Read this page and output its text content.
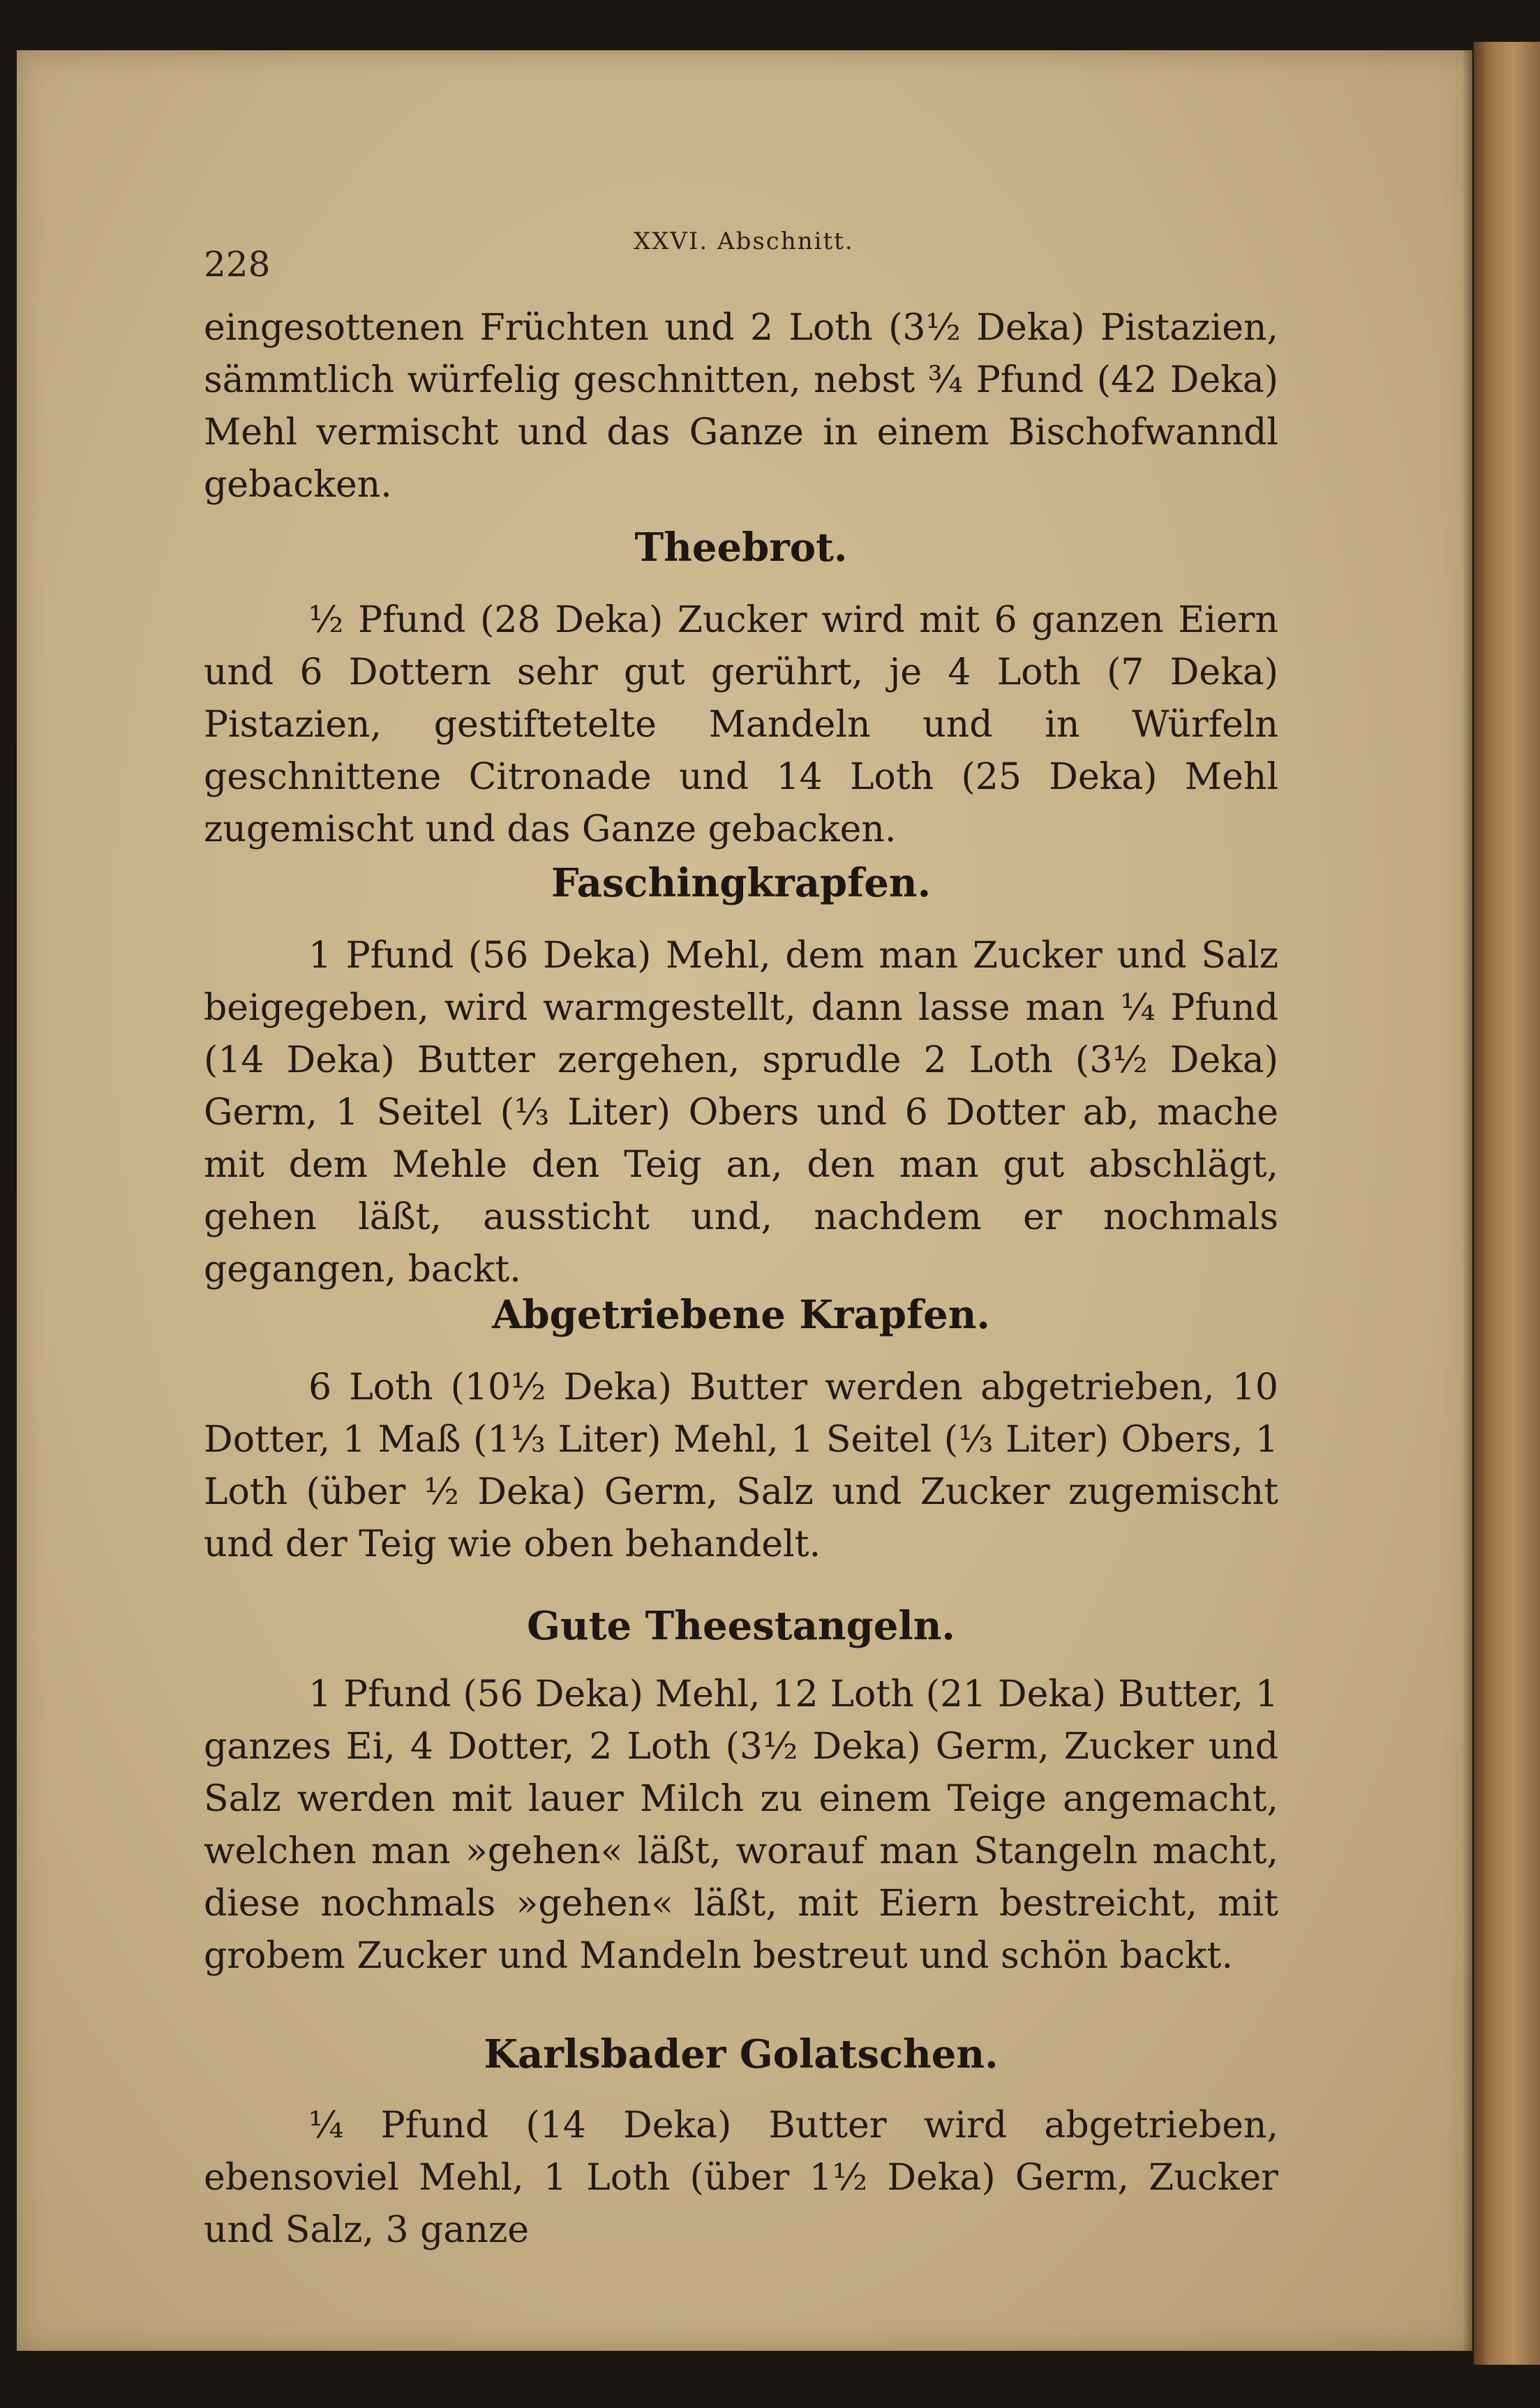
228
XXVI. Abschnitt.

eingesottenen Früchten und 2 Loth (3½ Deka) Pistazien, sämmtlich würfelig geschnitten, nebst ¾ Pfund (42 Deka) Mehl vermischt und das Ganze in einem Bischofwanndl gebacken.

Theebrot.

½ Pfund (28 Deka) Zucker wird mit 6 ganzen Eiern und 6 Dottern sehr gut gerührt, je 4 Loth (7 Deka) Pistazien, gestiftetelte Mandeln und in Würfeln geschnittene Citronade und 14 Loth (25 Deka) Mehl zugemischt und das Ganze gebacken.

Faschingkrapfen.

1 Pfund (56 Deka) Mehl, dem man Zucker und Salz beigegeben, wird warmgestellt, dann lasse man ¼ Pfund (14 Deka) Butter zergehen, sprudle 2 Loth (3½ Deka) Germ, 1 Seitel (⅓ Liter) Obers und 6 Dotter ab, mache mit dem Mehle den Teig an, den man gut abschlägt, gehen läßt, aussticht und, nachdem er nochmals gegangen, backt.

Abgetriebene Krapfen.

6 Loth (10½ Deka) Butter werden abgetrieben, 10 Dotter, 1 Maß (1⅓ Liter) Mehl, 1 Seitel (⅓ Liter) Obers, 1 Loth (über ½ Deka) Germ, Salz und Zucker zugemischt und der Teig wie oben behandelt.

Gute Theestangeln.

1 Pfund (56 Deka) Mehl, 12 Loth (21 Deka) Butter, 1 ganzes Ei, 4 Dotter, 2 Loth (3½ Deka) Germ, Zucker und Salz werden mit lauer Milch zu einem Teige angemacht, welchen man »gehen« läßt, worauf man Stangeln macht, diese nochmals »gehen« läßt, mit Eiern bestreicht, mit grobem Zucker und Mandeln bestreut und schön backt.

Karlsbader Golatschen.

¼ Pfund (14 Deka) Butter wird abgetrieben, ebensoviel Mehl, 1 Loth (über 1½ Deka) Germ, Zucker und Salz, 3 ganze
